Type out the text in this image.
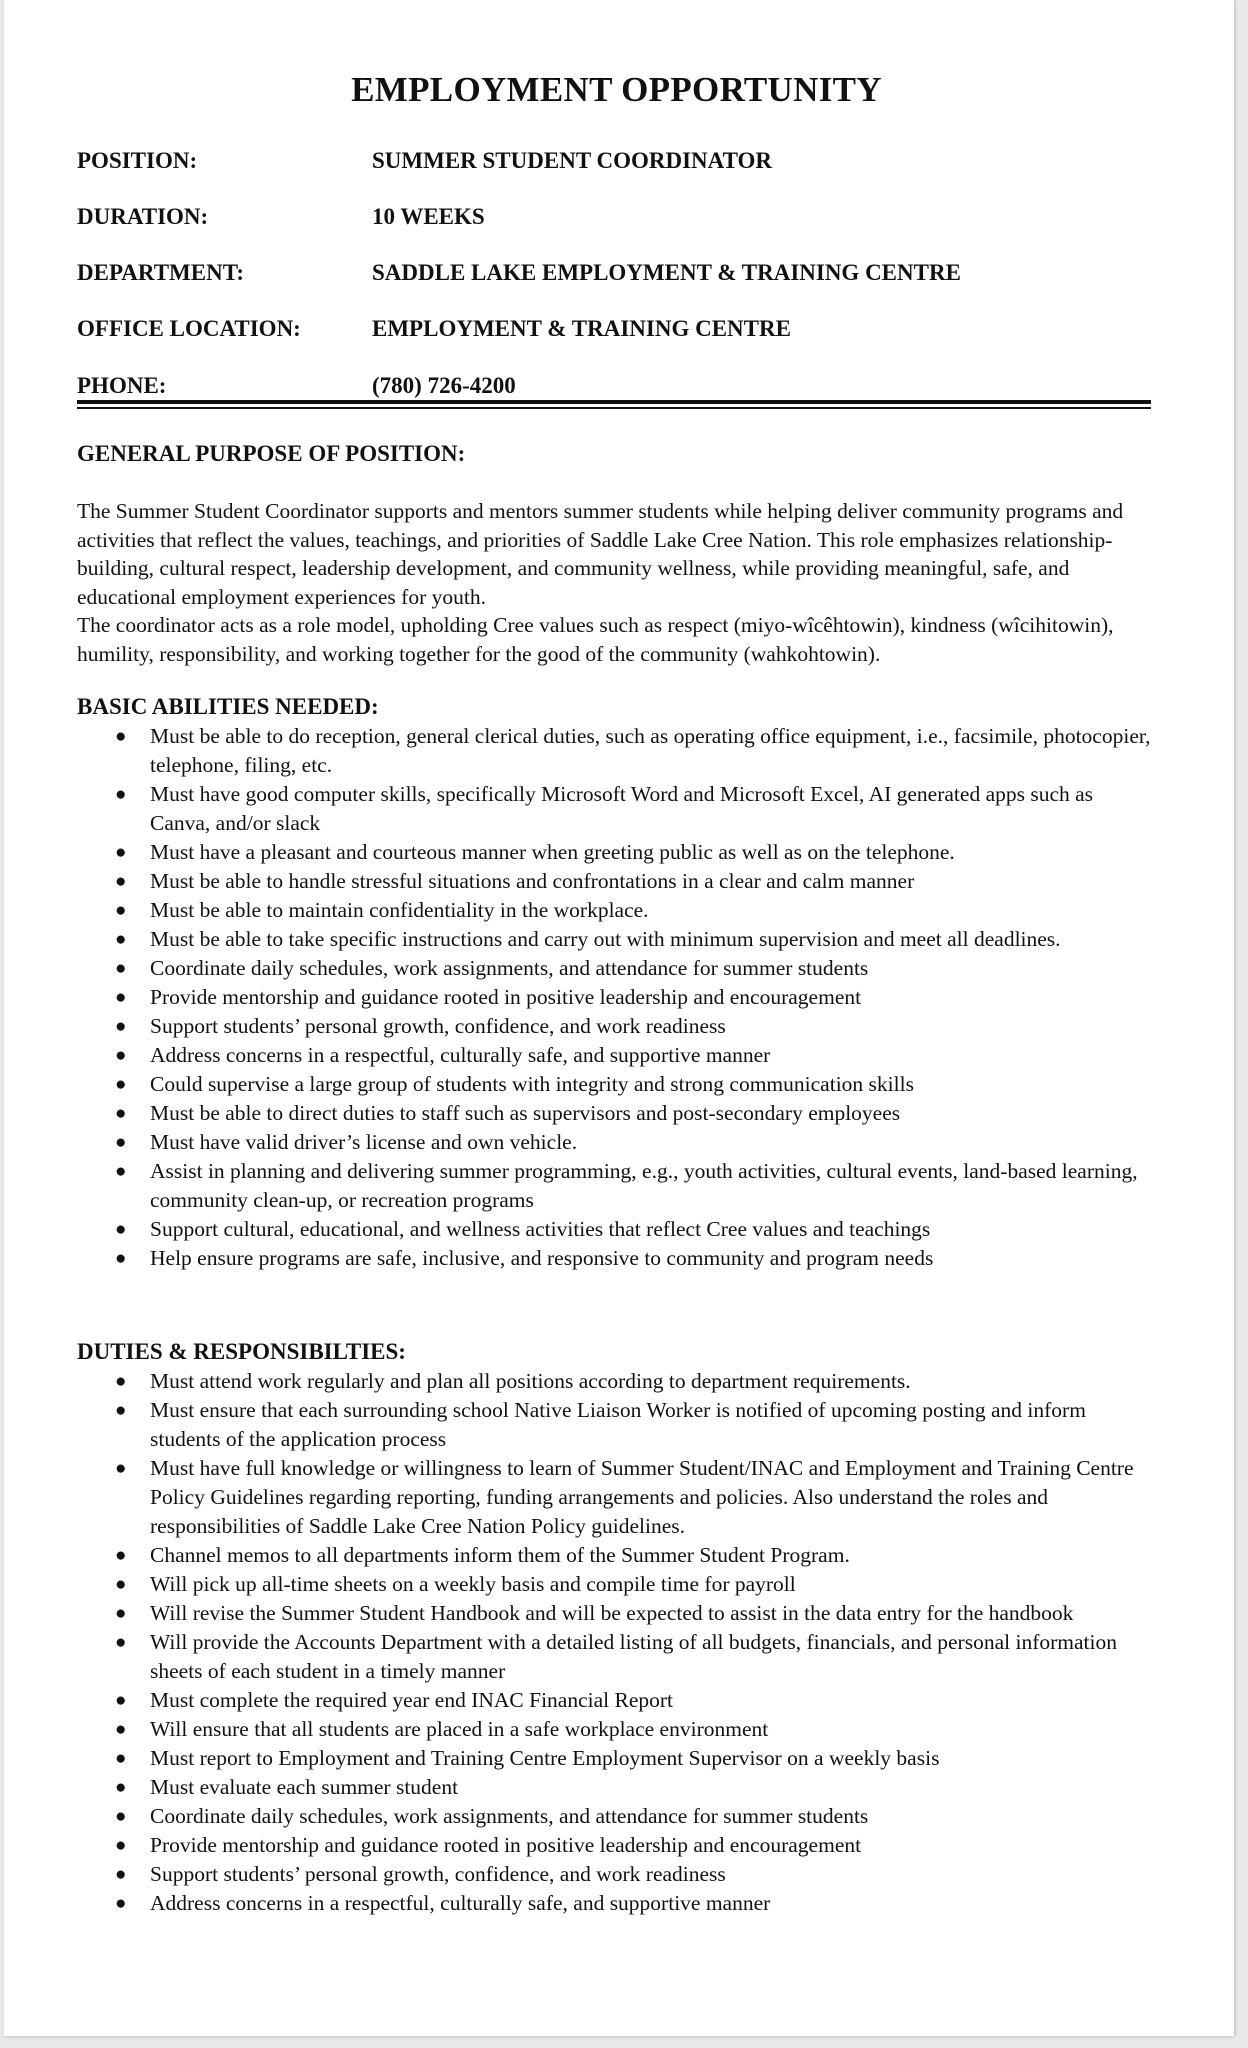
EMPLOYMENT OPPORTUNITY
POSITION:	SUMMER STUDENT COORDINATOR
DURATION:	10 WEEKS
DEPARTMENT:	SADDLE LAKE EMPLOYMENT & TRAINING CENTRE
OFFICE LOCATION:	EMPLOYMENT & TRAINING CENTRE
PHONE:	(780) 726-4200
GENERAL PURPOSE OF POSITION:

The Summer Student Coordinator supports and mentors summer students while helping deliver community programs and activities that reflect the values, teachings, and priorities of Saddle Lake Cree Nation. This role emphasizes relationship-building, cultural respect, leadership development, and community wellness, while providing meaningful, safe, and educational employment experiences for youth.

The coordinator acts as a role model, upholding Cree values such as respect (miyo-wîcêhtowin), kindness (wîcihitowin), humility, responsibility, and working together for the good of the community (wahkohtowin).

BASIC ABILITIES NEEDED:
● Must be able to do reception, general clerical duties, such as operating office equipment, i.e., facsimile, photocopier, telephone, filing, etc.
● Must have good computer skills, specifically Microsoft Word and Microsoft Excel, AI generated apps such as Canva, and/or slack
● Must have a pleasant and courteous manner when greeting public as well as on the telephone.
● Must be able to handle stressful situations and confrontations in a clear and calm manner
● Must be able to maintain confidentiality in the workplace.
● Must be able to take specific instructions and carry out with minimum supervision and meet all deadlines.
● Coordinate daily schedules, work assignments, and attendance for summer students
● Provide mentorship and guidance rooted in positive leadership and encouragement
● Support students’ personal growth, confidence, and work readiness
● Address concerns in a respectful, culturally safe, and supportive manner
● Could supervise a large group of students with integrity and strong communication skills
● Must be able to direct duties to staff such as supervisors and post-secondary employees
● Must have valid driver’s license and own vehicle.
● Assist in planning and delivering summer programming, e.g., youth activities, cultural events, land-based learning, community clean-up, or recreation programs
● Support cultural, educational, and wellness activities that reflect Cree values and teachings
● Help ensure programs are safe, inclusive, and responsive to community and program needs
DUTIES & RESPONSIBILTIES:
● Must attend work regularly and plan all positions according to department requirements.
● Must ensure that each surrounding school Native Liaison Worker is notified of upcoming posting and inform students of the application process
● Must have full knowledge or willingness to learn of Summer Student/INAC and Employment and Training Centre Policy Guidelines regarding reporting, funding arrangements and policies. Also understand the roles and responsibilities of Saddle Lake Cree Nation Policy guidelines.
● Channel memos to all departments inform them of the Summer Student Program.
● Will pick up all-time sheets on a weekly basis and compile time for payroll
● Will revise the Summer Student Handbook and will be expected to assist in the data entry for the handbook
● Will provide the Accounts Department with a detailed listing of all budgets, financials, and personal information sheets of each student in a timely manner
● Must complete the required year end INAC Financial Report
● Will ensure that all students are placed in a safe workplace environment
● Must report to Employment and Training Centre Employment Supervisor on a weekly basis
● Must evaluate each summer student
● Coordinate daily schedules, work assignments, and attendance for summer students
● Provide mentorship and guidance rooted in positive leadership and encouragement
● Support students’ personal growth, confidence, and work readiness
● Address concerns in a respectful, culturally safe, and supportive manner
